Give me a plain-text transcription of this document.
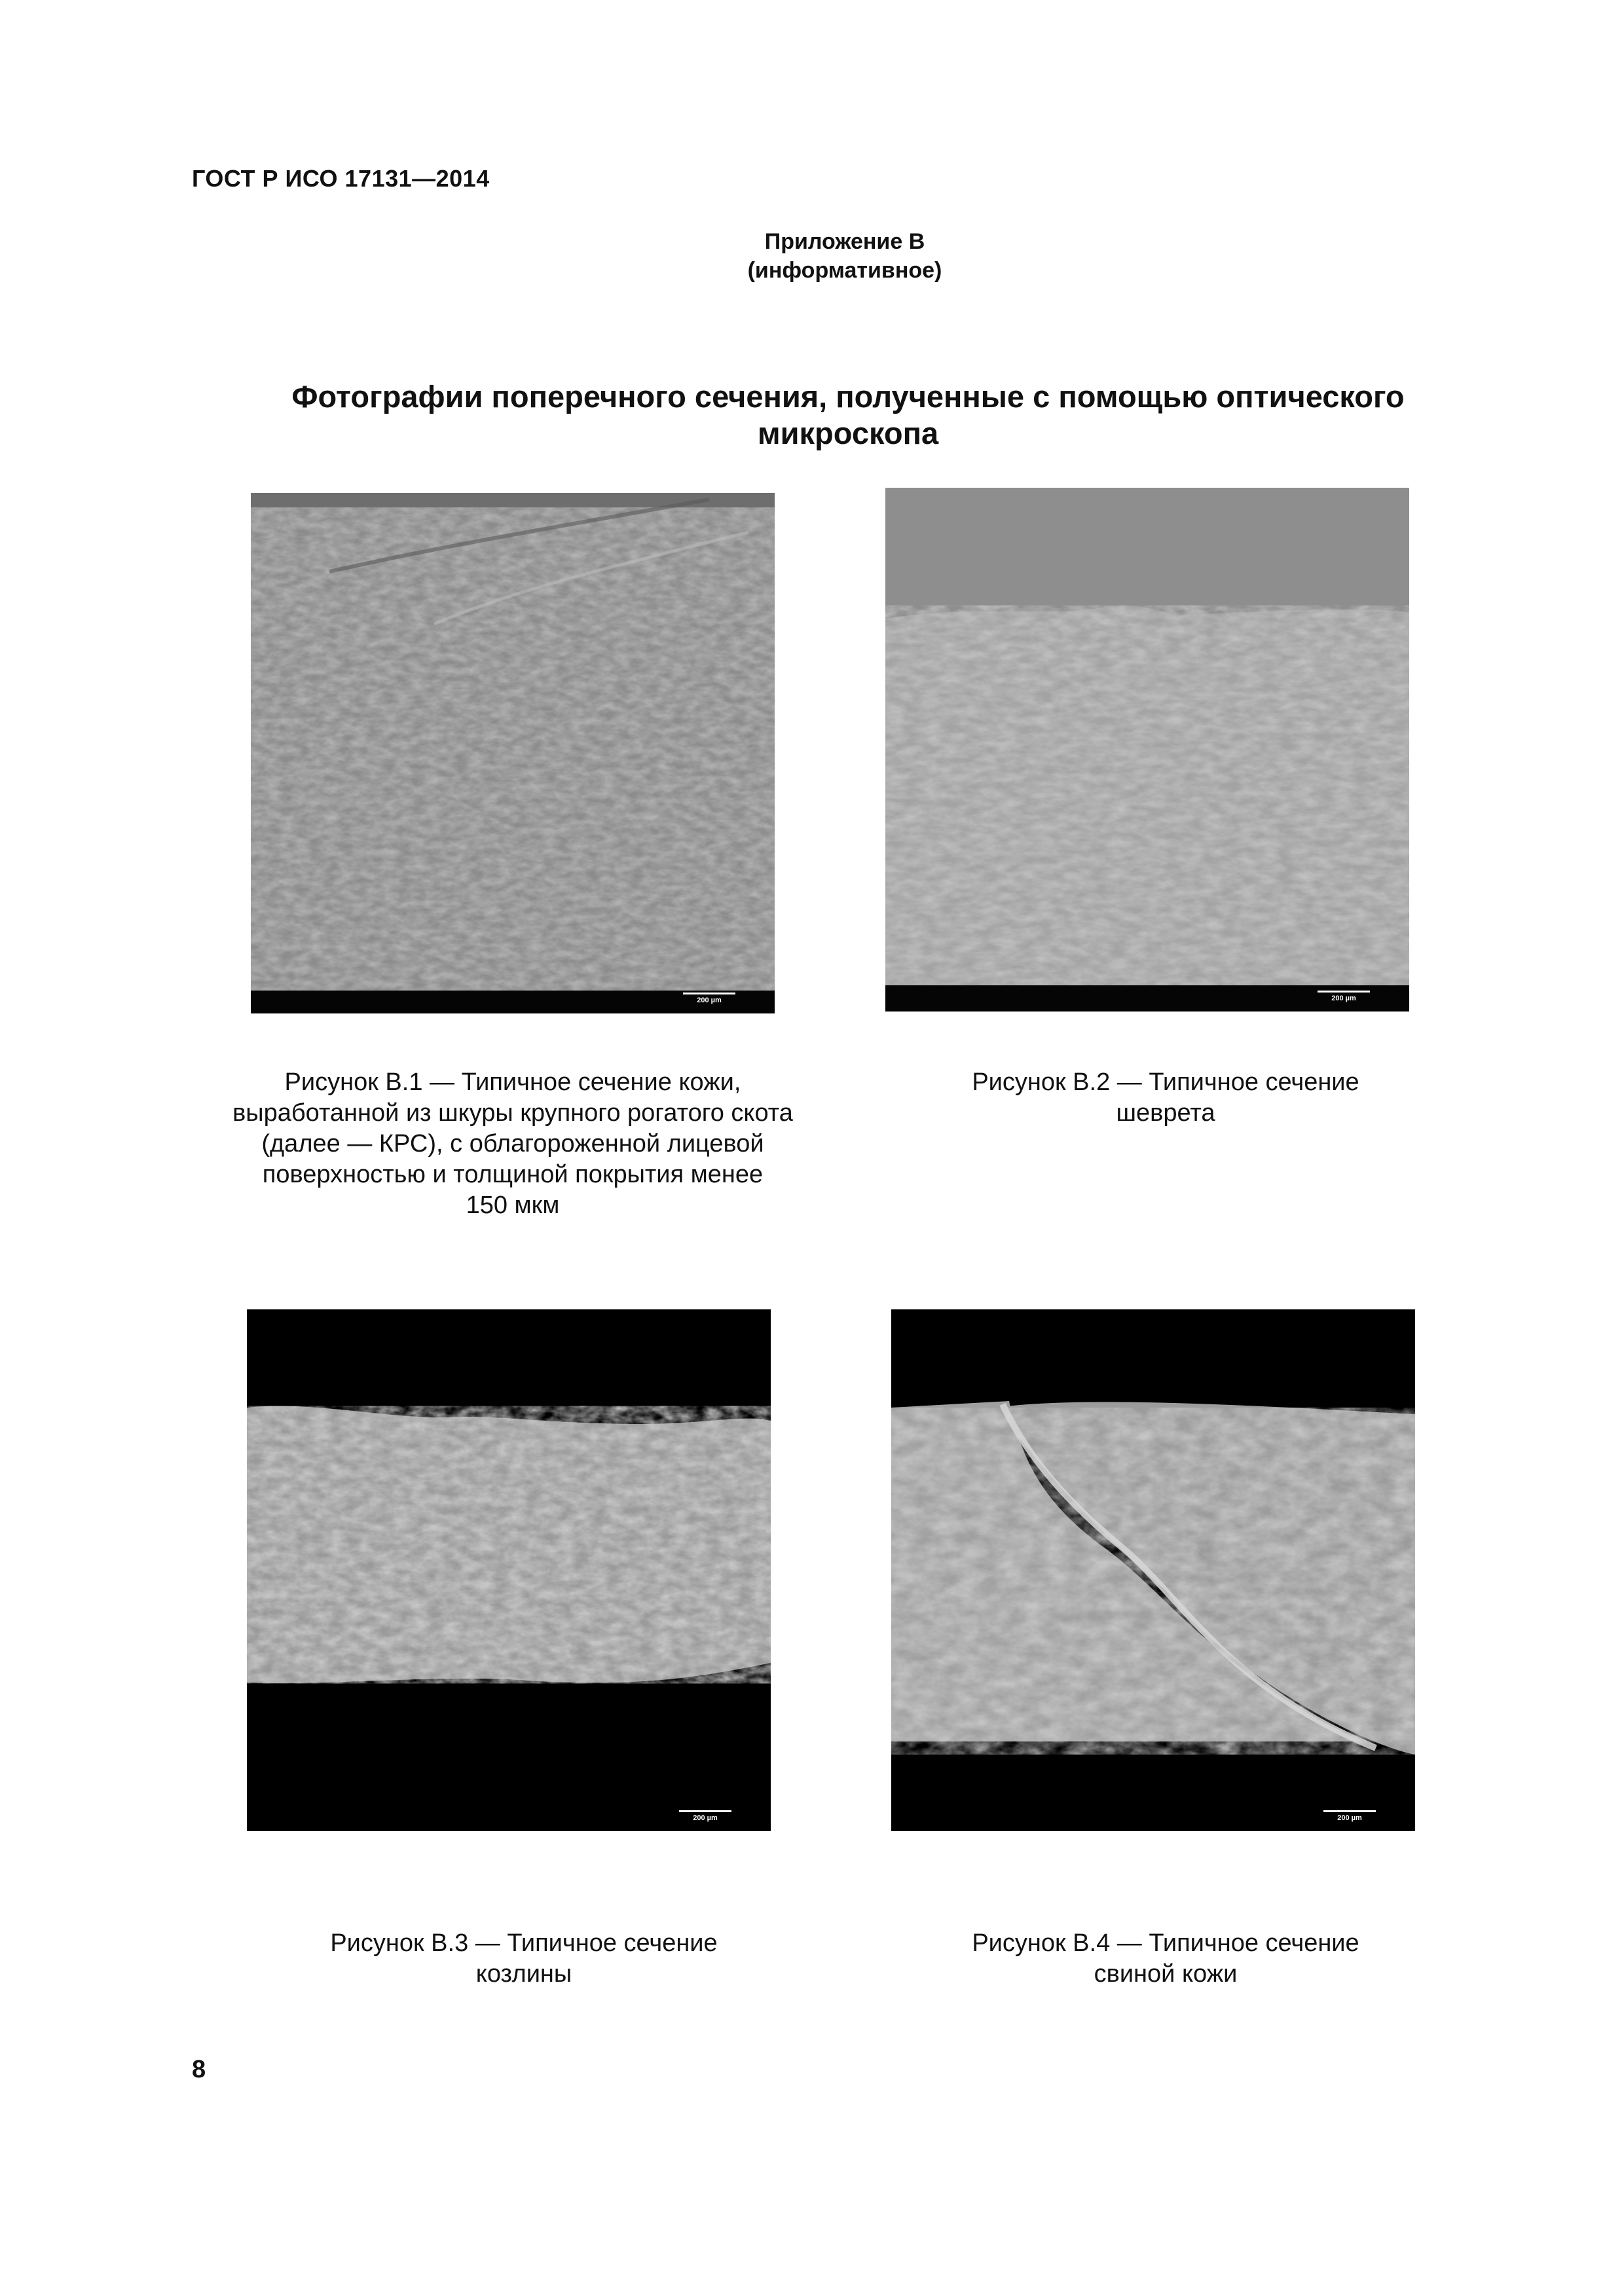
ГОСТ Р ИСО 17131—2014
Приложение В
(информативное)
Фотографии поперечного сечения, полученные с помощью оптического
микроскопа
200 µm	200 µm
200 µm	200 µm
Рисунок В.1 — Типичное сечение кожи,
выработанной из шкуры крупного рогатого скота
(далее — КРС), с облагороженной лицевой
поверхностью и толщиной покрытия менее
150 мкм
Рисунок В.2 — Типичное сечение
шеврета
Рисунок В.3 — Типичное сечение
козлины
Рисунок В.4 — Типичное сечение
свиной кожи
8
